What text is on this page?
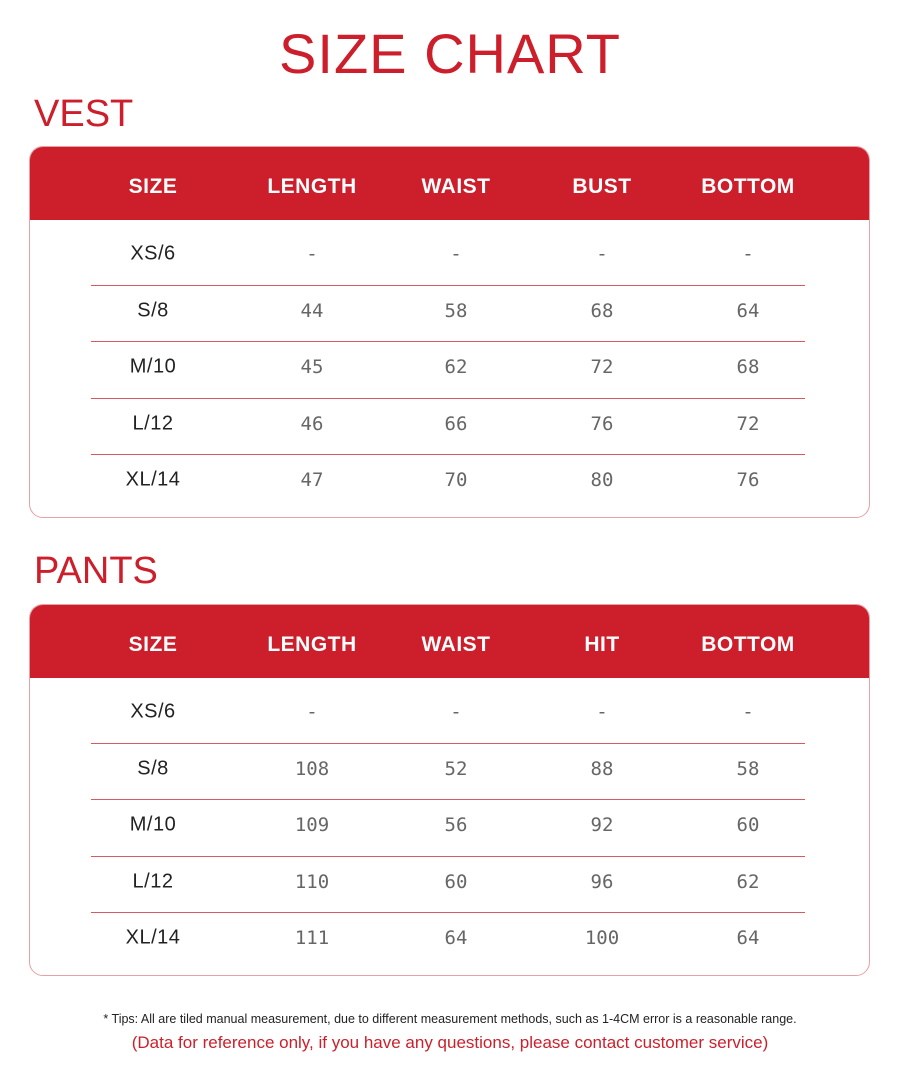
SIZE CHART
VEST
SIZE	LENGTH	WAIST	BUST	BOTTOM
XS/6	-	-	-	-
S/8	44	58	68	64
M/10	45	62	72	68
L/12	46	66	76	72
XL/14	47	70	80	76
PANTS
SIZE	LENGTH	WAIST	HIT	BOTTOM
XS/6	-	-	-	-
S/8	108	52	88	58
M/10	109	56	92	60
L/12	110	60	96	62
XL/14	111	64	100	64
* Tips: All are tiled manual measurement, due to different measurement methods, such as 1-4CM error is a reasonable range.
(Data for reference only, if you have any questions, please contact customer service)
